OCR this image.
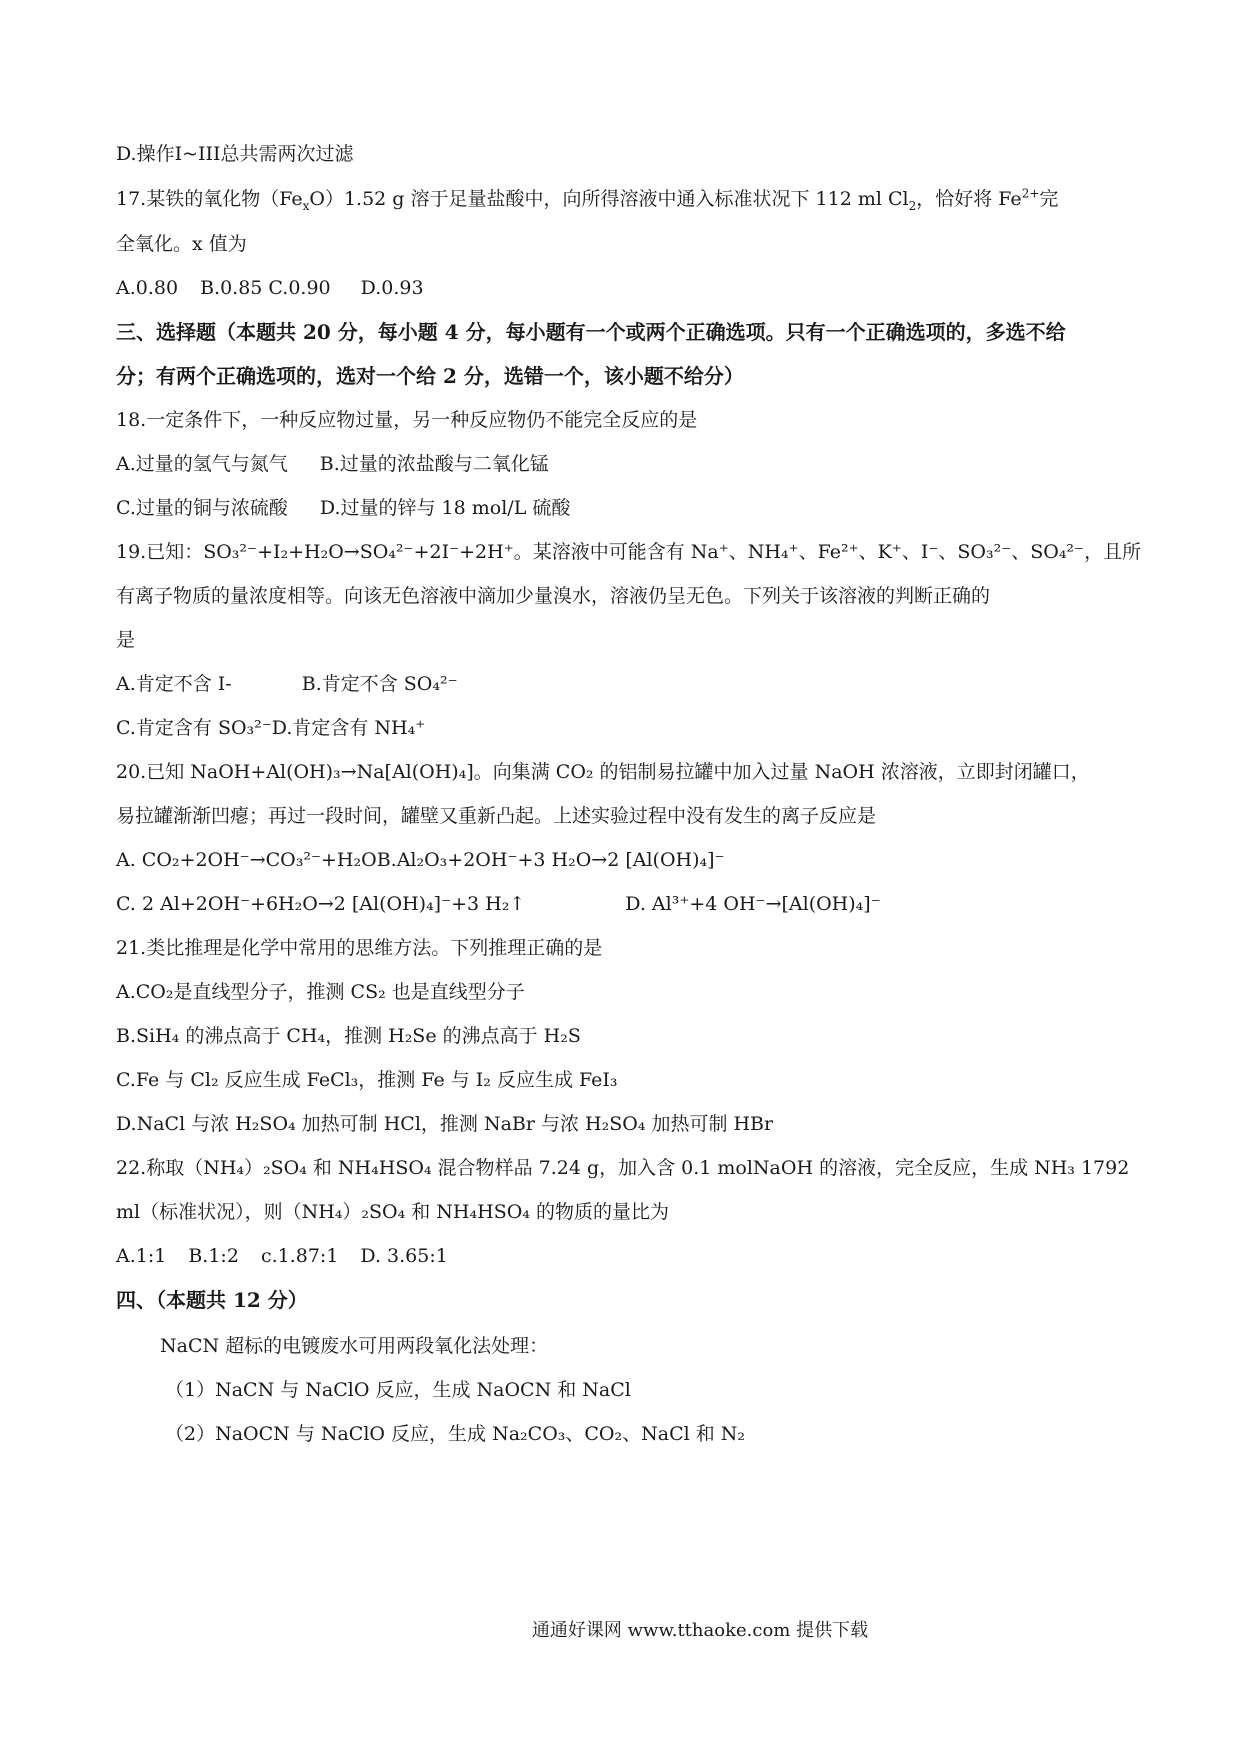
D.操作Ⅰ~III总共需两次过滤
17.某铁的氧化物$(Fe_xO)1.52$ g 溶于足量盐酸中，向所得溶液中通入标准状况下 112 ml $Cl_2$，恰好将 $Fe^{2+}$完
全氧化。x 值为
A.0.80 B.0.85 C.0.90 D.0.93
三、选择题（本题共 20 分，每小题 4 分，每小题有一个或两个正确选项。只有一个正确选项的，多选不给
分；有两个正确选项的，选对一个给 2 分，选错一个，该小题不给分）
18.一定条件下，一种反应物过量，另一种反应物仍不能完全反应的是
A.过量的氢气与氮气 B.过量的浓盐酸与二氧化锰
C.过量的铜与浓硫酸 D.过量的锌与 18 mol/L 硫酸
19.已知：SO₃²⁻+I₂+H₂O→SO₄²⁻+2I⁻+2H⁺。某溶液中可能含有 Na⁺、NH₄⁺、Fe²⁺、K⁺、I⁻、SO₃²⁻、SO₄²⁻，且所
有离子物质的量浓度相等。向该无色溶液中滴加少量溴水，溶液仍呈无色。下列关于该溶液的判断正确的
是
A.肯定不含 I-	B.肯定不含 SO₄²⁻
C.肯定含有 SO₃²⁻D.肯定含有 NH₄⁺
20.已知 NaOH+Al(OH)₃→Na[Al(OH)₄]。向集满 CO₂ 的铝制易拉罐中加入过量 NaOH 浓溶液，立即封闭罐口，
易拉罐渐渐凹瘪；再过一段时间，罐壁又重新凸起。上述实验过程中没有发生的离子反应是
A. CO₂+2OH⁻→CO₃²⁻+H₂OB.Al₂O₃+2OH⁻+3 H₂O→2 [Al(OH)₄]⁻
C. 2 Al+2OH⁻+6H₂O→2 [Al(OH)₄]⁻+3 H₂↑	D. Al³⁺+4 OH⁻→[Al(OH)₄]⁻
21.类比推理是化学中常用的思维方法。下列推理正确的是
A.CO₂是直线型分子，推测 CS₂ 也是直线型分子
B.SiH₄ 的沸点高于 CH₄，推测 H₂Se 的沸点高于 H₂S
C.Fe 与 Cl₂ 反应生成 FeCl₃，推测 Fe 与 I₂ 反应生成 FeI₃
D.NaCl 与浓 H₂SO₄ 加热可制 HCl，推测 NaBr 与浓 H₂SO₄ 加热可制 HBr
22.称取（NH₄）₂SO₄ 和 NH₄HSO₄ 混合物样品 7.24 g，加入含 0.1 molNaOH 的溶液，完全反应，生成 NH₃ 1792
ml（标准状况），则（NH₄）₂SO₄ 和 NH₄HSO₄ 的物质的量比为
A.1:1 B.1:2 c.1.87:1 D. 3.65:1
四、（本题共 12 分）
NaCN 超标的电镀废水可用两段氧化法处理：
（1）NaCN 与 NaClO 反应，生成 NaOCN 和 NaCl
（2）NaOCN 与 NaClO 反应，生成 Na₂CO₃、CO₂、NaCl 和 N₂
通通好课网 www.tthaoke.com 提供下载
